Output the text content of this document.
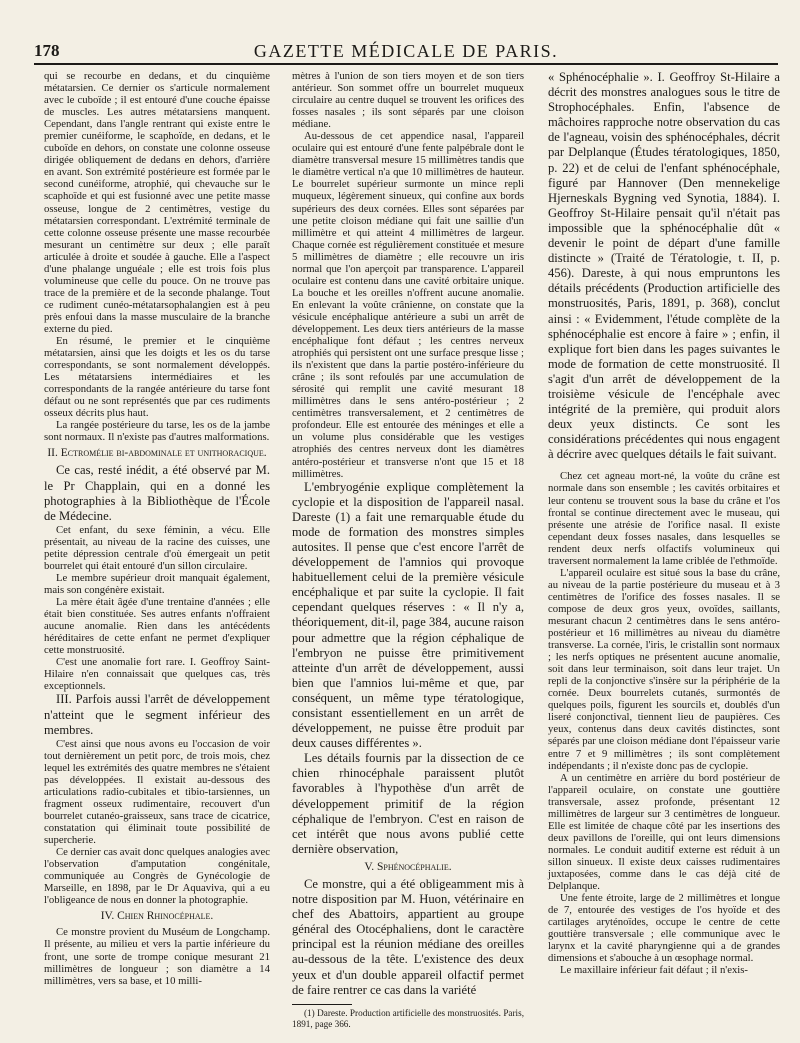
178	GAZETTE MÉDICALE DE PARIS.

qui se recourbe en dedans, et du cinquième métatarsien. Ce dernier os s'articule normalement avec le cuboïde ; il est entouré d'une couche épaisse de muscles. Les autres métatarsiens manquent. Cependant, dans l'angle rentrant qui existe entre le premier cunéiforme, le scaphoïde, en dedans, et le cuboïde en dehors, on constate une colonne osseuse dirigée obliquement de dedans en dehors, d'arrière en avant. Son extrémité postérieure est formée par le second cunéiforme, atrophié, qui chevauche sur le scaphoïde et qui est fusionné avec une petite masse osseuse, longue de 2 centimètres, vestige du métatarsien correspondant. L'extrémité terminale de cette colonne osseuse présente une masse recourbée mesurant un centimètre sur deux ; elle paraît articulée à droite et soudée à gauche. Elle a l'aspect d'une phalange unguéale ; elle est trois fois plus volumineuse que celle du pouce. On ne trouve pas trace de la première et de la seconde phalange. Tout ce rudiment cunéo-métatarsophalangien est à peu près enfoui dans la masse musculaire de la branche externe du pied.

En résumé, le premier et le cinquième métatarsien, ainsi que les doigts et les os du tarse correspondants, se sont normalement développés. Les métatarsiens intermédiaires et les correspondants de la rangée antérieure du tarse font défaut ou ne sont représentés que par ces rudiments osseux décrits plus haut.

La rangée postérieure du tarse, les os de la jambe sont normaux. Il n'existe pas d'autres malformations.

II. Ectromélie bi-abdominale et unithoracique.

Ce cas, resté inédit, a été observé par M. le Pr Chapplain, qui en a donné les photographies à la Bibliothèque de l'École de Médecine.

Cet enfant, du sexe féminin, a vécu. Elle présentait, au niveau de la racine des cuisses, une petite dépression centrale d'où émergeait un petit bourrelet qui était entouré d'un sillon circulaire.

Le membre supérieur droit manquait également, mais son congénère existait.

La mère était âgée d'une trentaine d'années ; elle était bien constituée. Ses autres enfants n'offraient aucune anomalie. Rien dans les antécédents héréditaires de cette enfant ne permet d'expliquer cette monstruosité.

C'est une anomalie fort rare. I. Geoffroy Saint-Hilaire n'en connaissait que quelques cas, très exceptionnels.

III. Parfois aussi l'arrêt de développement n'atteint que le segment inférieur des membres.

C'est ainsi que nous avons eu l'occasion de voir tout dernièrement un petit porc, de trois mois, chez lequel les extrémités des quatre membres ne s'étaient pas développées. Il existait au-dessous des articulations radio-cubitales et tibio-tarsiennes, un fragment osseux rudimentaire, recouvert d'un bourrelet cutanéo-graisseux, sans trace de cicatrice, constatation qui éliminait toute possibilité de supercherie.

Ce dernier cas avait donc quelques analogies avec l'observation d'amputation congénitale, communiquée au Congrès de Gynécologie de Marseille, en 1898, par le Dr Aquaviva, qui a eu l'obligeance de nous en donner la photographie.

IV. Chien Rhinocéphale.

Ce monstre provient du Muséum de Longchamp. Il présente, au milieu et vers la partie inférieure du front, une sorte de trompe conique mesurant 21 millimètres de longueur ; son diamètre a 14 millimètres, vers sa base, et 10 milli-

mètres à l'union de son tiers moyen et de son tiers antérieur. Son sommet offre un bourrelet muqueux circulaire au centre duquel se trouvent les orifices des fosses nasales ; ils sont séparés par une cloison médiane.

Au-dessous de cet appendice nasal, l'appareil oculaire qui est entouré d'une fente palpébrale dont le diamètre transversal mesure 15 millimètres tandis que le diamètre vertical n'a que 10 millimètres de hauteur. Le bourrelet supérieur surmonte un mince repli muqueux, légèrement sinueux, qui confine aux bords supérieurs des deux cornées. Elles sont séparées par une petite cloison médiane qui fait une saillie d'un millimètre et qui atteint 4 millimètres de largeur. Chaque cornée est régulièrement constituée et mesure 5 millimètres de diamètre ; elle recouvre un iris normal que l'on aperçoit par transparence. L'appareil oculaire est contenu dans une cavité orbitaire unique. La bouche et les oreilles n'offrent aucune anomalie. En enlevant la voûte crânienne, on constate que la vésicule encéphalique antérieure a subi un arrêt de développement. Les deux tiers antérieurs de la masse encéphalique font défaut ; les centres nerveux atrophiés qui persistent ont une surface presque lisse ; ils n'existent que dans la partie postéro-inférieure du crâne ; ils sont refoulés par une accumulation de sérosité qui remplit une cavité mesurant 18 millimètres dans le sens antéro-postérieur ; 2 centimètres transversalement, et 2 centimètres de profondeur. Elle est entourée des méninges et elle a un volume plus considérable que les vestiges atrophiés des centres nerveux dont les diamètres antéro-postérieur et transverse n'ont que 15 et 18 millimètres.

L'embryogénie explique complètement la cyclopie et la disposition de l'appareil nasal. Dareste (1) a fait une remarquable étude du mode de formation des monstres simples autosites. Il pense que c'est encore l'arrêt de développement de l'amnios qui provoque habituellement celui de la première vésicule encéphalique et par suite la cyclopie. Il fait cependant quelques réserves : « Il n'y a, théoriquement, dit-il, page 384, aucune raison pour admettre que la région céphalique de l'embryon ne puisse être primitivement atteinte d'un arrêt de développement, aussi bien que l'amnios lui-même et que, par conséquent, un même type tératologique, consistant essentiellement en un arrêt de développement, ne puisse être produit par deux causes différentes ».

Les détails fournis par la dissection de ce chien rhinocéphale paraissent plutôt favorables à l'hypothèse d'un arrêt de développement primitif de la région céphalique de l'embryon. C'est en raison de cet intérêt que nous avons publié cette dernière observation,

V. Sphénocéphalie.

Ce monstre, qui a été obligeamment mis à notre disposition par M. Huon, vétérinaire en chef des Abattoirs, appartient au groupe général des Otocéphaliens, dont le caractère principal est la réunion médiane des oreilles au-dessous de la tête. L'existence des deux yeux et d'un double appareil olfactif permet de faire rentrer ce cas dans la variété

(1) Dareste. Production artificielle des monstruosités. Paris, 1891, page 366.

« Sphénocéphalie ». I. Geoffroy St-Hilaire a décrit des monstres analogues sous le titre de Strophocéphales. Enfin, l'absence de mâchoires rapproche notre observation du cas de l'agneau, voisin des sphénocéphales, décrit par Delplanque (Études tératologiques, 1850, p. 22) et de celui de l'enfant sphénocéphale, figuré par Hannover (Den mennekelige Hjerneskals Bygning ved Synotia, 1884). I. Geoffroy St-Hilaire pensait qu'il n'était pas impossible que la sphénocéphalie dût « devenir le point de départ d'une famille distincte » (Traité de Tératologie, t. II, p. 456). Dareste, à qui nous empruntons les détails précédents (Production artificielle des monstruosités, Paris, 1891, p. 368), conclut ainsi : « Evidemment, l'étude complète de la sphénocéphalie est encore à faire » ; enfin, il explique fort bien dans les pages suivantes le mode de formation de cette monstruosité. Il s'agit d'un arrêt de développement de la troisième vésicule de l'encéphale avec intégrité de la première, qui produit alors deux yeux distincts. Ce sont les considérations précédentes qui nous engagent à décrire avec quelques détails le fait suivant.

Chez cet agneau mort-né, la voûte du crâne est normale dans son ensemble ; les cavités orbitaires et leur contenu se trouvent sous la base du crâne et l'os frontal se continue directement avec le museau, qui présente une atrésie de l'orifice nasal. Il existe cependant deux fosses nasales, dans lesquelles se rendent deux nerfs olfactifs volumineux qui traversent normalement la lame criblée de l'ethmoïde.

L'appareil oculaire est situé sous la base du crâne, au niveau de la partie postérieure du museau et à 3 centimètres de l'orifice des fosses nasales. Il se compose de deux gros yeux, ovoïdes, saillants, mesurant chacun 2 centimètres dans le sens antéro-postérieur et 16 millimètres au niveau du diamètre transverse. La cornée, l'iris, le cristallin sont normaux ; les nerfs optiques ne présentent aucune anomalie, soit dans leur terminaison, soit dans leur trajet. Un repli de la conjonctive s'insère sur la périphérie de la cornée. Deux bourrelets cutanés, surmontés de quelques poils, figurent les sourcils et, doublés d'un liseré conjonctival, tiennent lieu de paupières. Ces yeux, contenus dans deux cavités distinctes, sont séparés par une cloison médiane dont l'épaisseur varie entre 7 et 9 millimètres ; ils sont complètement indépendants ; il n'existe donc pas de cyclopie.

A un centimètre en arrière du bord postérieur de l'appareil oculaire, on constate une gouttière transversale, assez profonde, présentant 12 millimètres de largeur sur 3 centimètres de longueur. Elle est limitée de chaque côté par les insertions des deux pavillons de l'oreille, qui ont leurs dimensions normales. Le conduit auditif externe est réduit à un sillon sinueux. Il existe deux caisses rudimentaires juxtaposées, comme dans le cas déjà cité de Delplanque.

Une fente étroite, large de 2 millimètres et longue de 7, entourée des vestiges de l'os hyoïde et des cartilages aryténoïdes, occupe le centre de cette gouttière transversale ; elle communique avec le larynx et la cavité pharyngienne qui a de grandes dimensions et s'abouche à un œsophage normal.

Le maxillaire inférieur fait défaut ; il n'exis-
